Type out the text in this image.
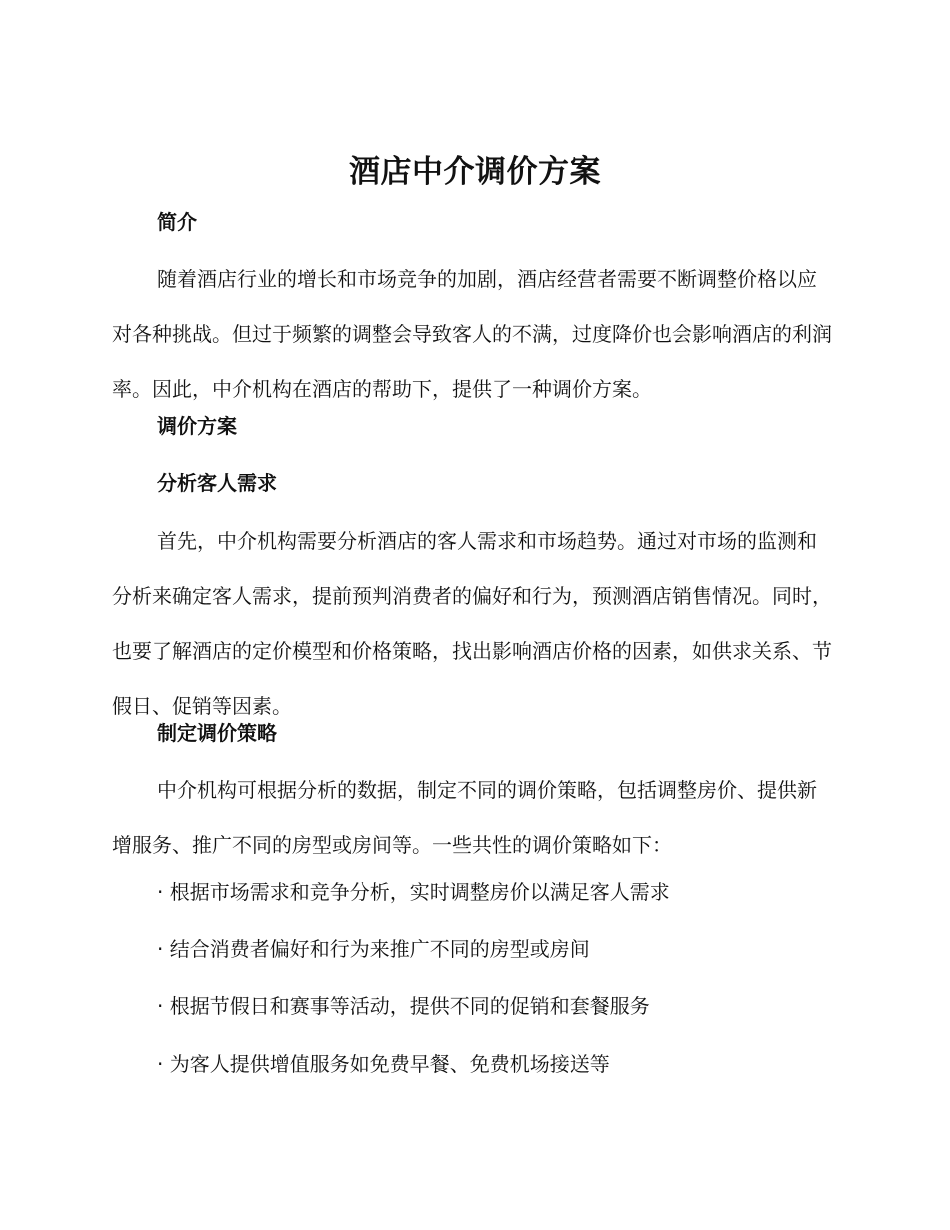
酒店中介调价方案
简介

随着酒店行业的增长和市场竞争的加剧，酒店经营者需要不断调整价格以应对各种挑战。但过于频繁的调整会导致客人的不满，过度降价也会影响酒店的利润率。因此，中介机构在酒店的帮助下，提供了一种调价方案。

调价方案
分析客人需求

首先，中介机构需要分析酒店的客人需求和市场趋势。通过对市场的监测和分析来确定客人需求，提前预判消费者的偏好和行为，预测酒店销售情况。同时，也要了解酒店的定价模型和价格策略，找出影响酒店价格的因素，如供求关系、节假日、促销等因素。

制定调价策略

中介机构可根据分析的数据，制定不同的调价策略，包括调整房价、提供新增服务、推广不同的房型或房间等。一些共性的调价策略如下：

· 根据市场需求和竞争分析，实时调整房价以满足客人需求
· 结合消费者偏好和行为来推广不同的房型或房间
· 根据节假日和赛事等活动，提供不同的促销和套餐服务
· 为客人提供增值服务如免费早餐、免费机场接送等
